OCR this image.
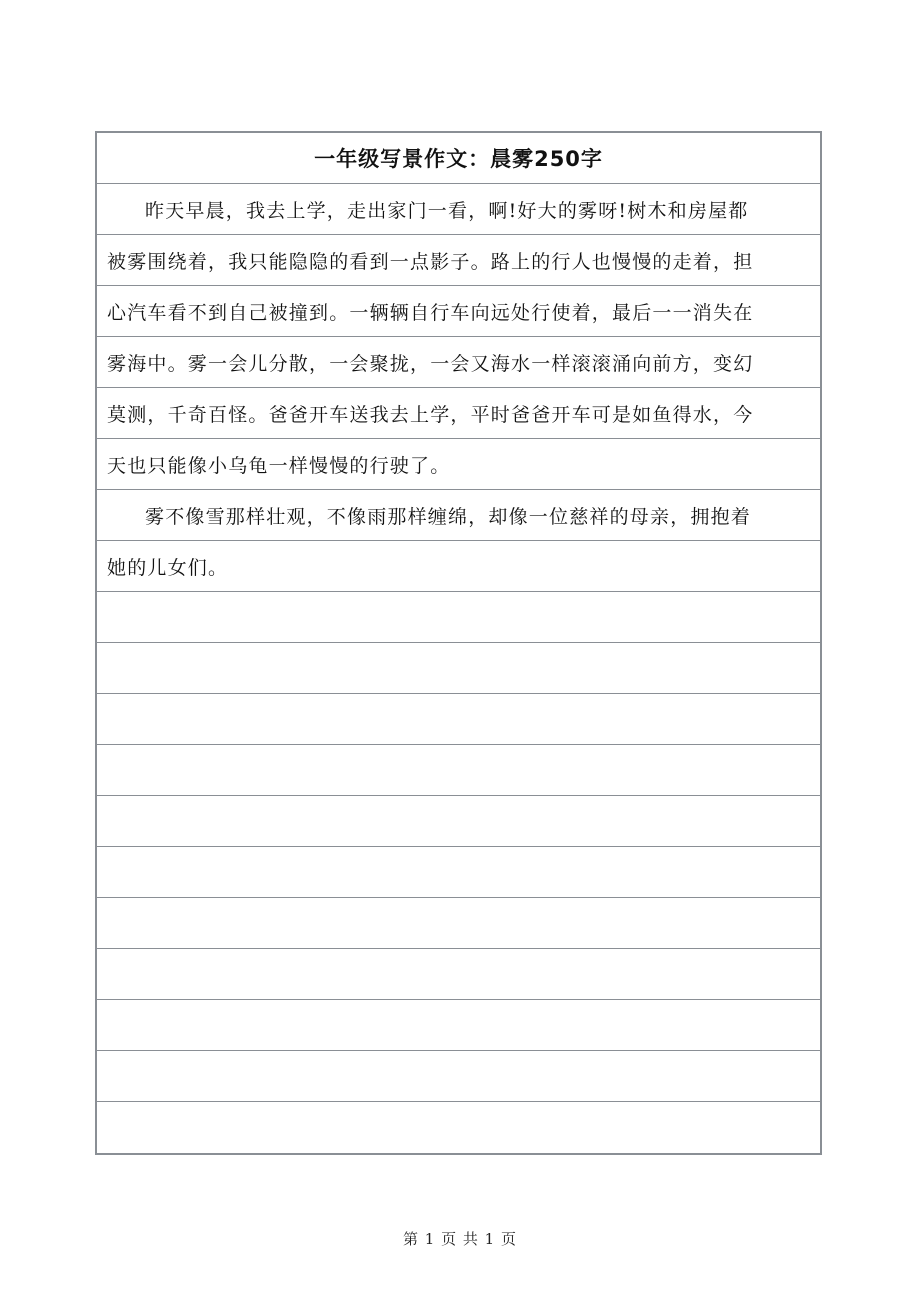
一年级写景作文：晨雾250字
昨天早晨，我去上学，走出家门一看，啊!好大的雾呀!树木和房屋都
被雾围绕着，我只能隐隐的看到一点影子。路上的行人也慢慢的走着，担
心汽车看不到自己被撞到。一辆辆自行车向远处行使着，最后一一消失在
雾海中。雾一会儿分散，一会聚拢，一会又海水一样滚滚涌向前方，变幻
莫测，千奇百怪。爸爸开车送我去上学，平时爸爸开车可是如鱼得水，今
天也只能像小乌龟一样慢慢的行驶了。
雾不像雪那样壮观，不像雨那样缠绵，却像一位慈祥的母亲，拥抱着
她的儿女们。
第 1 页 共 1 页
